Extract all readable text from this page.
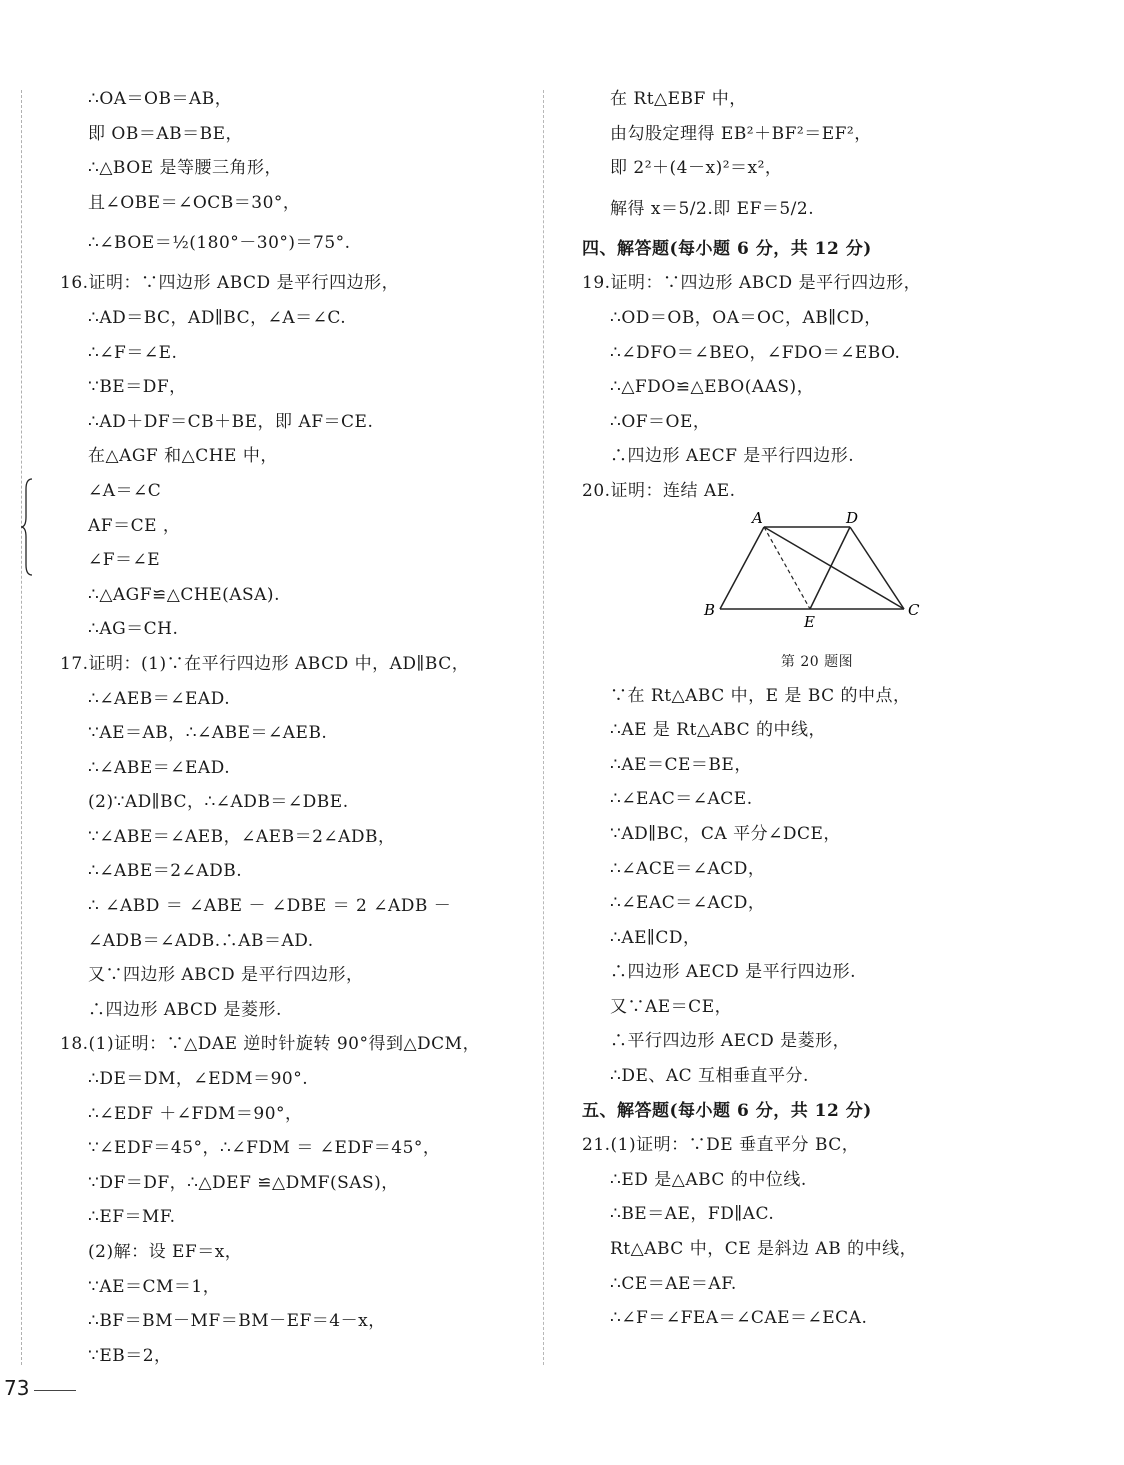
∴OA＝OB＝AB，
即 OB＝AB＝BE，
∴△BOE 是等腰三角形，
且∠OBE＝∠OCB＝30°，
∴∠BOE＝½(180°－30°)＝75°.
16.证明：∵四边形 ABCD 是平行四边形，
∴AD＝BC，AD∥BC，∠A＝∠C.
∴∠F＝∠E.
∵BE＝DF，
∴AD＋DF＝CB＋BE，即 AF＝CE.
在△AGF 和△CHE 中，
∠A＝∠C
AF＝CE ，
∠F＝∠E
∴△AGF≌△CHE(ASA).
∴AG＝CH.
17.证明：(1)∵在平行四边形 ABCD 中，AD∥BC，
∴∠AEB＝∠EAD.
∵AE＝AB，∴∠ABE＝∠AEB.
∴∠ABE＝∠EAD.
(2)∵AD∥BC，∴∠ADB＝∠DBE.
∵∠ABE＝∠AEB，∠AEB＝2∠ADB，
∴∠ABE＝2∠ADB.
∴ ∠ABD ＝ ∠ABE － ∠DBE ＝ 2 ∠ADB －
∠ADB＝∠ADB.∴AB＝AD.
又∵四边形 ABCD 是平行四边形，
∴四边形 ABCD 是菱形.
18.(1)证明：∵△DAE 逆时针旋转 90°得到△DCM，
∴DE＝DM，∠EDM＝90°.
∴∠EDF ＋∠FDM＝90°，
∵∠EDF＝45°，∴∠FDM ＝ ∠EDF＝45°，
∵DF＝DF，∴△DEF ≌△DMF(SAS)，
∴EF＝MF.
(2)解：设 EF＝x，
∵AE＝CM＝1，
∴BF＝BM－MF＝BM－EF＝4－x，
∵EB＝2，
在 Rt△EBF 中，
由勾股定理得 EB²＋BF²＝EF²，
即 2²＋(4－x)²＝x²，
解得 x＝5/2.即 EF＝5/2.
四、解答题(每小题 6 分，共 12 分)
19.证明：∵四边形 ABCD 是平行四边形，
∴OD＝OB，OA＝OC，AB∥CD，
∴∠DFO＝∠BEO，∠FDO＝∠EBO.
∴△FDO≌△EBO(AAS)，
∴OF＝OE，
∴四边形 AECF 是平行四边形.
20.证明：连结 AE.
A	D
B
E
C
第 20 题图
∵在 Rt△ABC 中，E 是 BC 的中点，
∴AE 是 Rt△ABC 的中线，
∴AE＝CE＝BE，
∴∠EAC＝∠ACE.
∵AD∥BC，CA 平分∠DCE，
∴∠ACE＝∠ACD，
∴∠EAC＝∠ACD，
∴AE∥CD，
∴四边形 AECD 是平行四边形.
又∵AE＝CE，
∴平行四边形 AECD 是菱形，
∴DE、AC 互相垂直平分.
五、解答题(每小题 6 分，共 12 分)
21.(1)证明：∵DE 垂直平分 BC，
∴ED 是△ABC 的中位线.
∴BE＝AE，FD∥AC.
Rt△ABC 中，CE 是斜边 AB 的中线，
∴CE＝AE＝AF.
∴∠F＝∠FEA＝∠CAE＝∠ECA.
73
